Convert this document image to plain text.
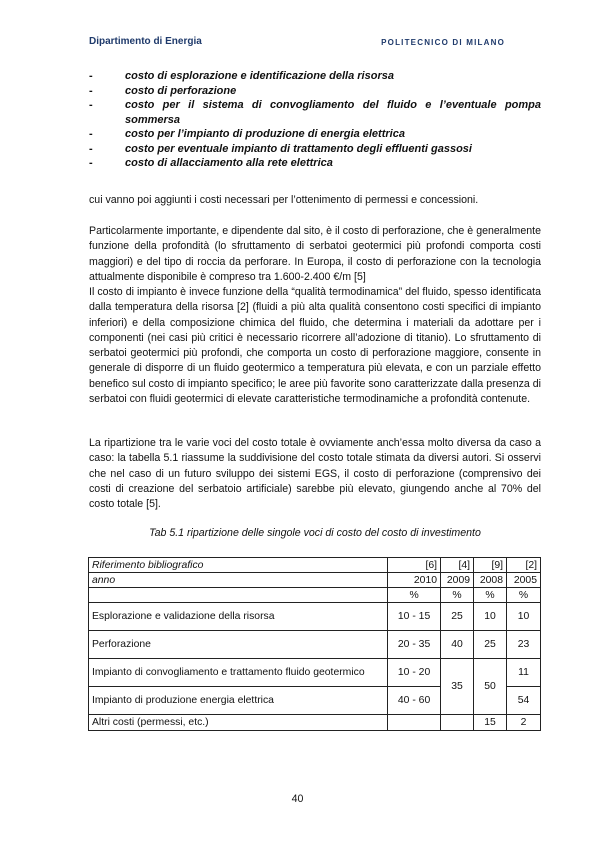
Dipartimento di Energia	POLITECNICO DI MILANO
-	costo di esplorazione e identificazione della risorsa
-	costo di perforazione
-	costo per il sistema di convogliamento del fluido e l’eventuale pompa sommersa
-	costo per l’impianto di produzione di energia elettrica
-	costo per eventuale impianto di trattamento degli effluenti gassosi
-	costo di allacciamento alla rete elettrica

cui vanno poi aggiunti i costi necessari per l’ottenimento di permessi e concessioni.

Particolarmente importante, e dipendente dal sito, è il costo di perforazione, che è generalmente funzione della profondità (lo sfruttamento di serbatoi geotermici più profondi comporta costi maggiori) e del tipo di roccia da perforare. In Europa, il costo di perforazione con la tecnologia attualmente disponibile è compreso tra 1.600-2.400 €/m [5]

Il costo di impianto è invece funzione della “qualità termodinamica” del fluido, spesso identificata dalla temperatura della risorsa [2] (fluidi a più alta qualità consentono costi specifici di impianto inferiori) e della composizione chimica del fluido, che determina i materiali da adottare per i componenti (nei casi più critici è necessario ricorrere all’adozione di titanio). Lo sfruttamento di serbatoi geotermici più profondi, che comporta un costo di perforazione maggiore, consente in generale di disporre di un fluido geotermico a temperatura più elevata, e con un parziale effetto benefico sul costo di impianto specifico; le aree più favorite sono caratterizzate dalla presenza di serbatoi con fluidi geotermici di elevate caratteristiche termodinamiche a profondità contenute.

La ripartizione tra le varie voci del costo totale è ovviamente anch’essa molto diversa da caso a caso: la tabella 5.1 riassume la suddivisione del costo totale stimata da diversi autori. Si osservi che nel caso di un futuro sviluppo dei sistemi EGS, il costo di perforazione (comprensivo dei costi di creazione del serbatoio artificiale) sarebbe più elevato, giungendo anche al 70% del costo totale [5].

Tab 5.1 ripartizione delle singole voci di costo del costo di investimento
Riferimento bibliografico	[6]	[4]	[9]	[2]
anno	2010	2009	2008	2005
	%	%	%	%
Esplorazione e validazione della risorsa	10 - 15	25	10	10
Perforazione	20 - 35	40	25	23
Impianto di convogliamento e trattamento fluido geotermico	10 - 20	35	50	11
Impianto di produzione energia elettrica	40 - 60			54
Altri costi (permessi, etc.)			15	2
40
